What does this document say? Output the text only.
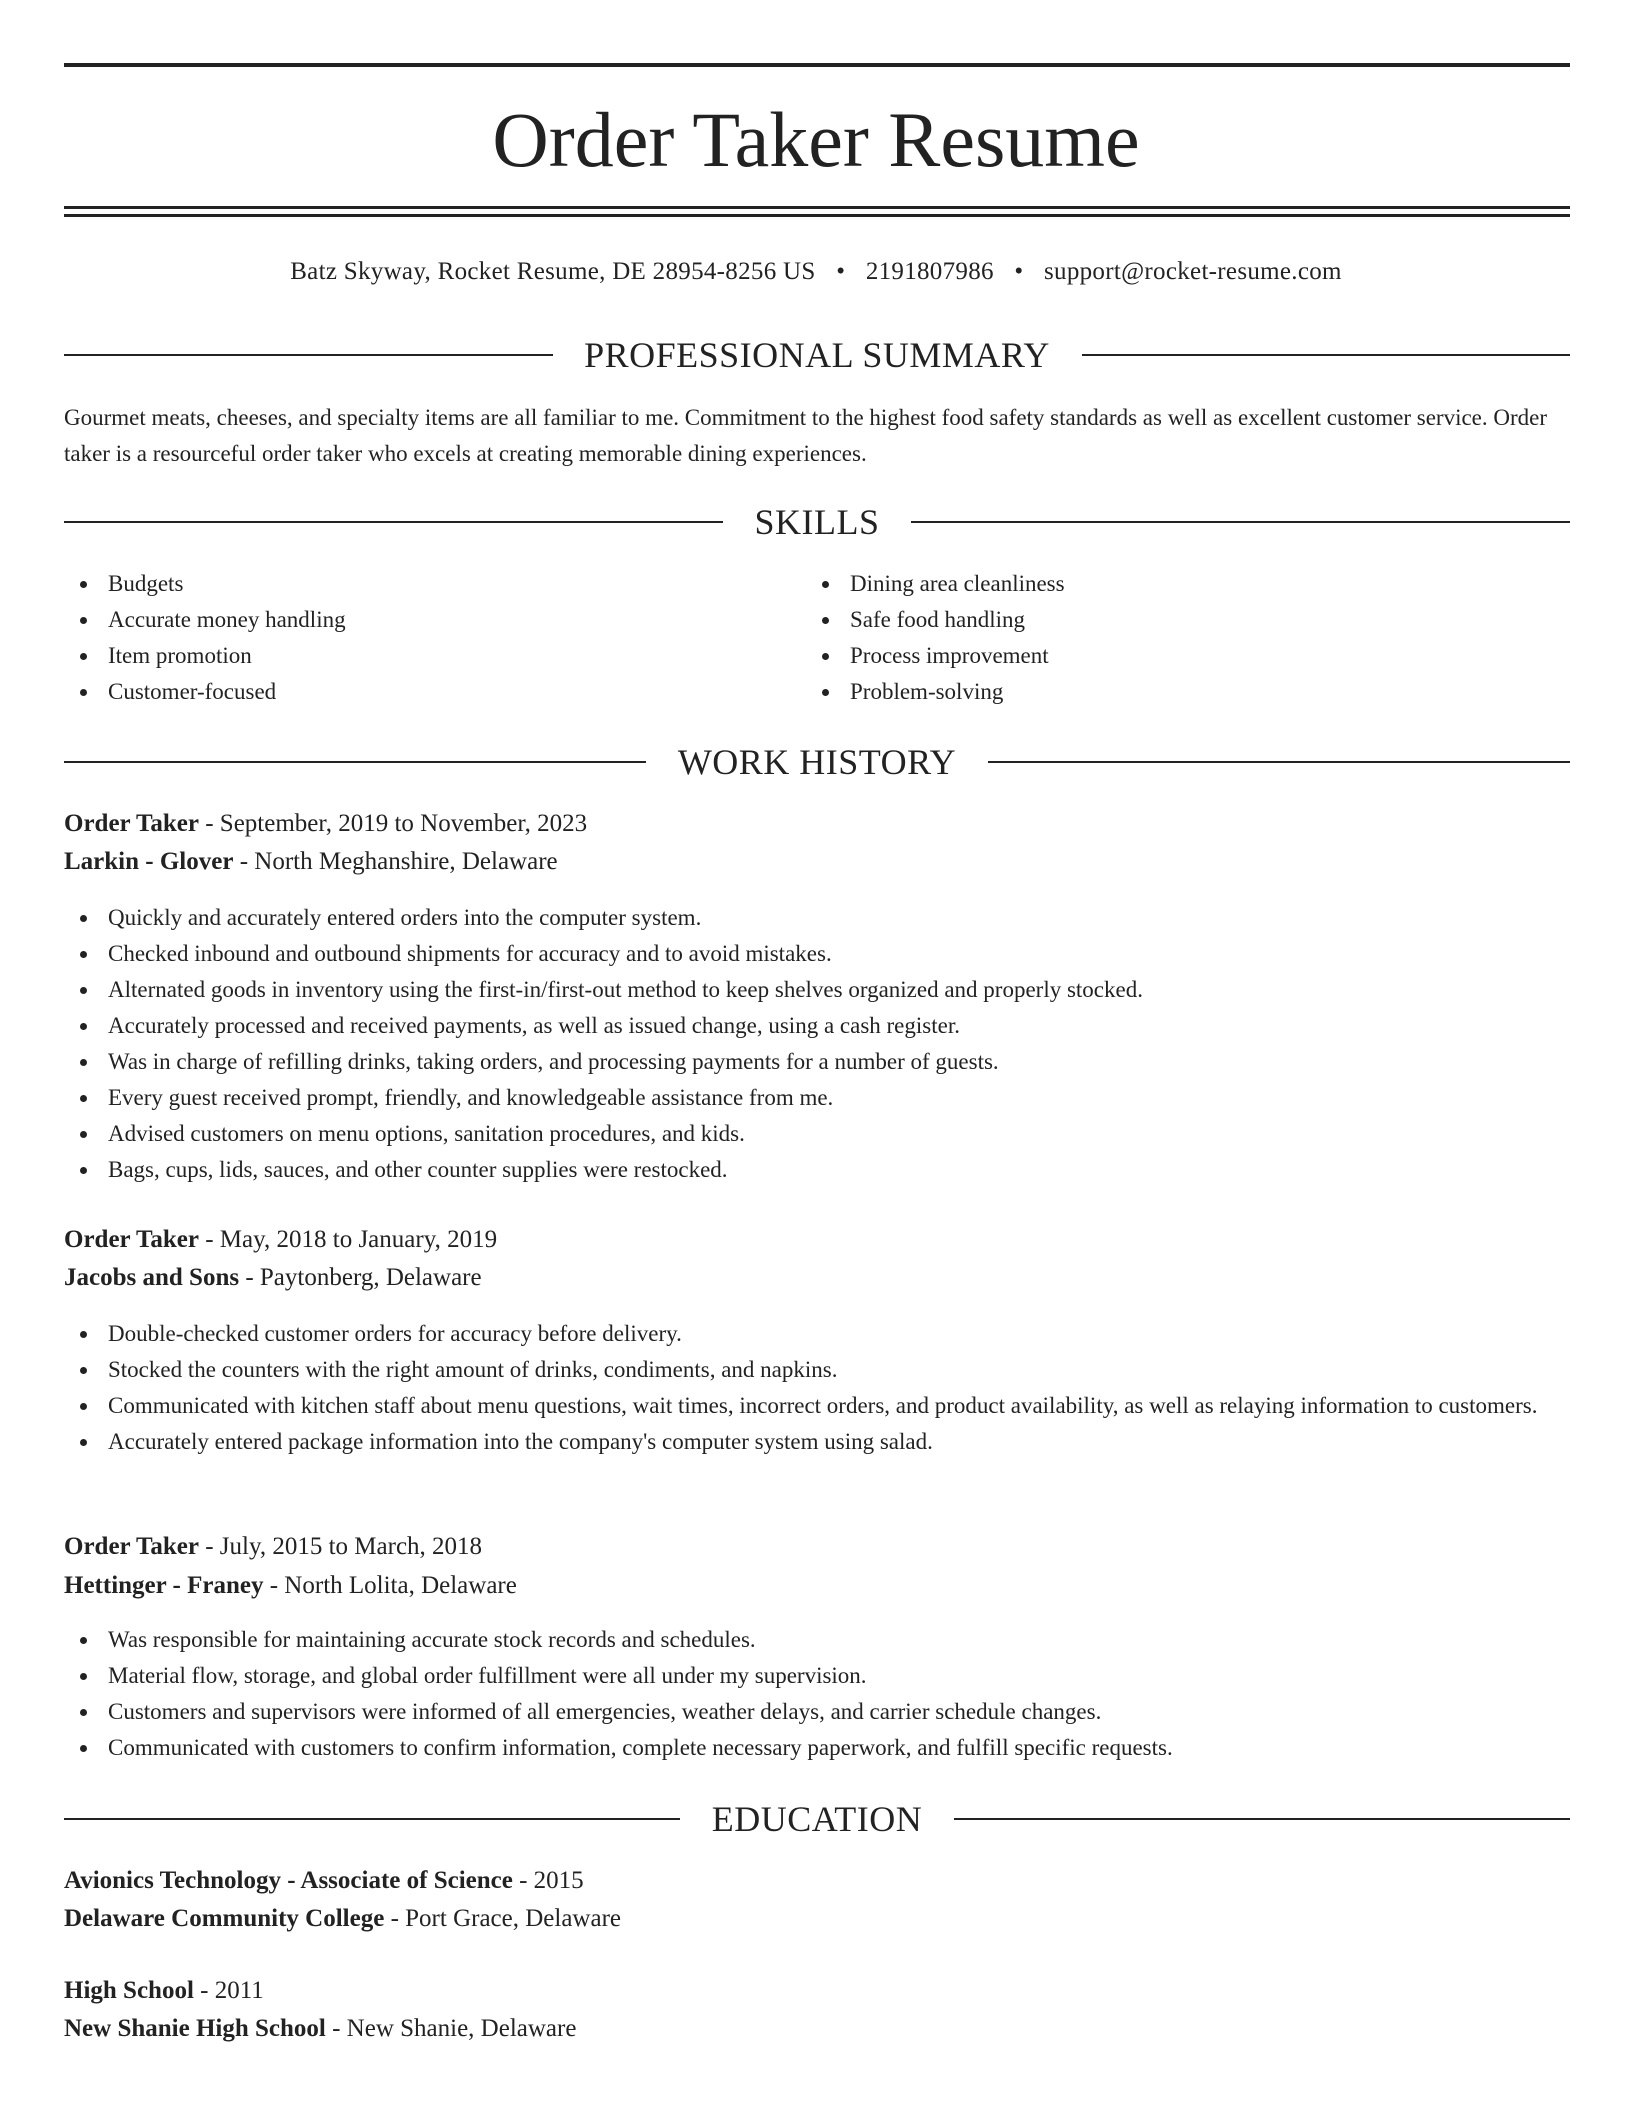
Order Taker Resume
Batz Skyway, Rocket Resume, DE 28954-8256 US • 2191807986 • support@rocket-resume.com
PROFESSIONAL SUMMARY

Gourmet meats, cheeses, and specialty items are all familiar to me. Commitment to the highest food safety standards as well as excellent customer service. Order taker is a resourceful order taker who excels at creating memorable dining experiences.

SKILLS
Budgets
Accurate money handling
Item promotion
Customer-focused
Dining area cleanliness
Safe food handling
Process improvement
Problem-solving
WORK HISTORY
Order Taker - September, 2019 to November, 2023
Larkin - Glover - North Meghanshire, Delaware
Quickly and accurately entered orders into the computer system.
Checked inbound and outbound shipments for accuracy and to avoid mistakes.
Alternated goods in inventory using the first-in/first-out method to keep shelves organized and properly stocked.
Accurately processed and received payments, as well as issued change, using a cash register.
Was in charge of refilling drinks, taking orders, and processing payments for a number of guests.
Every guest received prompt, friendly, and knowledgeable assistance from me.
Advised customers on menu options, sanitation procedures, and kids.
Bags, cups, lids, sauces, and other counter supplies were restocked.
Order Taker - May, 2018 to January, 2019
Jacobs and Sons - Paytonberg, Delaware
Double-checked customer orders for accuracy before delivery.
Stocked the counters with the right amount of drinks, condiments, and napkins.
Communicated with kitchen staff about menu questions, wait times, incorrect orders, and product availability, as well as relaying information to customers.
Accurately entered package information into the company's computer system using salad.
Order Taker - July, 2015 to March, 2018
Hettinger - Franey - North Lolita, Delaware
Was responsible for maintaining accurate stock records and schedules.
Material flow, storage, and global order fulfillment were all under my supervision.
Customers and supervisors were informed of all emergencies, weather delays, and carrier schedule changes.
Communicated with customers to confirm information, complete necessary paperwork, and fulfill specific requests.
EDUCATION
Avionics Technology - Associate of Science - 2015
Delaware Community College - Port Grace, Delaware
High School - 2011
New Shanie High School - New Shanie, Delaware
